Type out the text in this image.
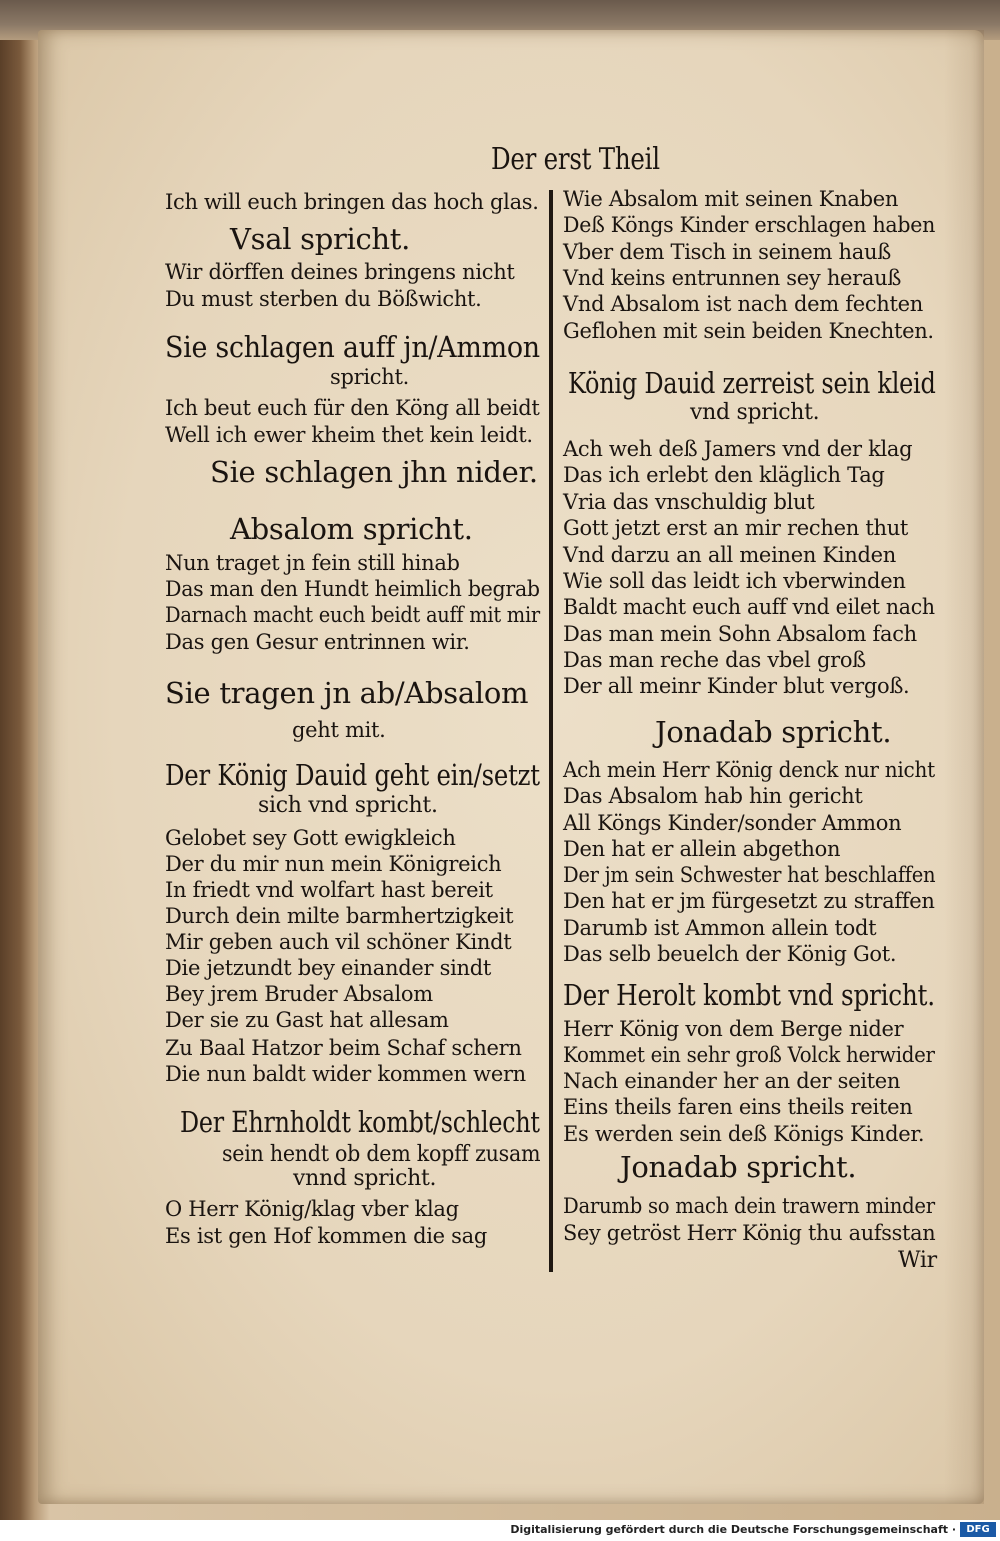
Der erst Theil
Ich will euch bringen das hoch glas.
Vsal spricht.
Wir dörffen deines bringens nicht
Du must sterben du Bößwicht.
Sie schlagen auff jn/Ammon
spricht.
Ich beut euch für den Köng all beidt
Well ich ewer kheim thet kein leidt.
Sie schlagen jhn nider.
Absalom spricht.
Nun traget jn fein still hinab
Das man den Hundt heimlich begrab
Darnach macht euch beidt auff mit mir
Das gen Gesur entrinnen wir.
Sie tragen jn ab/Absalom
geht mit.
Der König Dauid geht ein/setzt
sich vnd spricht.
Gelobet sey Gott ewigkleich
Der du mir nun mein Königreich
In friedt vnd wolfart hast bereit
Durch dein milte barmhertzigkeit
Mir geben auch vil schöner Kindt
Die jetzundt bey einander sindt
Bey jrem Bruder Absalom
Der sie zu Gast hat allesam
Zu Baal Hatzor beim Schaf schern
Die nun baldt wider kommen wern
Der Ehrnholdt kombt/schlecht
sein hendt ob dem kopff zusam
vnnd spricht.
O Herr König/klag vber klag
Es ist gen Hof kommen die sag
Wie Absalom mit seinen Knaben
Deß Köngs Kinder erschlagen haben
Vber dem Tisch in seinem hauß
Vnd keins entrunnen sey herauß
Vnd Absalom ist nach dem fechten
Geflohen mit sein beiden Knechten.
König Dauid zerreist sein kleid
vnd spricht.
Ach weh deß Jamers vnd der klag
Das ich erlebt den kläglich Tag
Vria das vnschuldig blut
Gott jetzt erst an mir rechen thut
Vnd darzu an all meinen Kinden
Wie soll das leidt ich vberwinden
Baldt macht euch auff vnd eilet nach
Das man mein Sohn Absalom fach
Das man reche das vbel groß
Der all meinr Kinder blut vergoß.
Jonadab spricht.
Ach mein Herr König denck nur nicht
Das Absalom hab hin gericht
All Köngs Kinder/sonder Ammon
Den hat er allein abgethon
Der jm sein Schwester hat beschlaffen
Den hat er jm fürgesetzt zu straffen
Darumb ist Ammon allein todt
Das selb beuelch der König Got.
Der Herolt kombt vnd spricht.
Herr König von dem Berge nider
Kommet ein sehr groß Volck herwider
Nach einander her an der seiten
Eins theils faren eins theils reiten
Es werden sein deß Königs Kinder.
Jonadab spricht.
Darumb so mach dein trawern minder
Sey getröst Herr König thu aufsstan
Wir
Digitalisierung gefördert durch die Deutsche Forschungsgemeinschaft ·	DFG
